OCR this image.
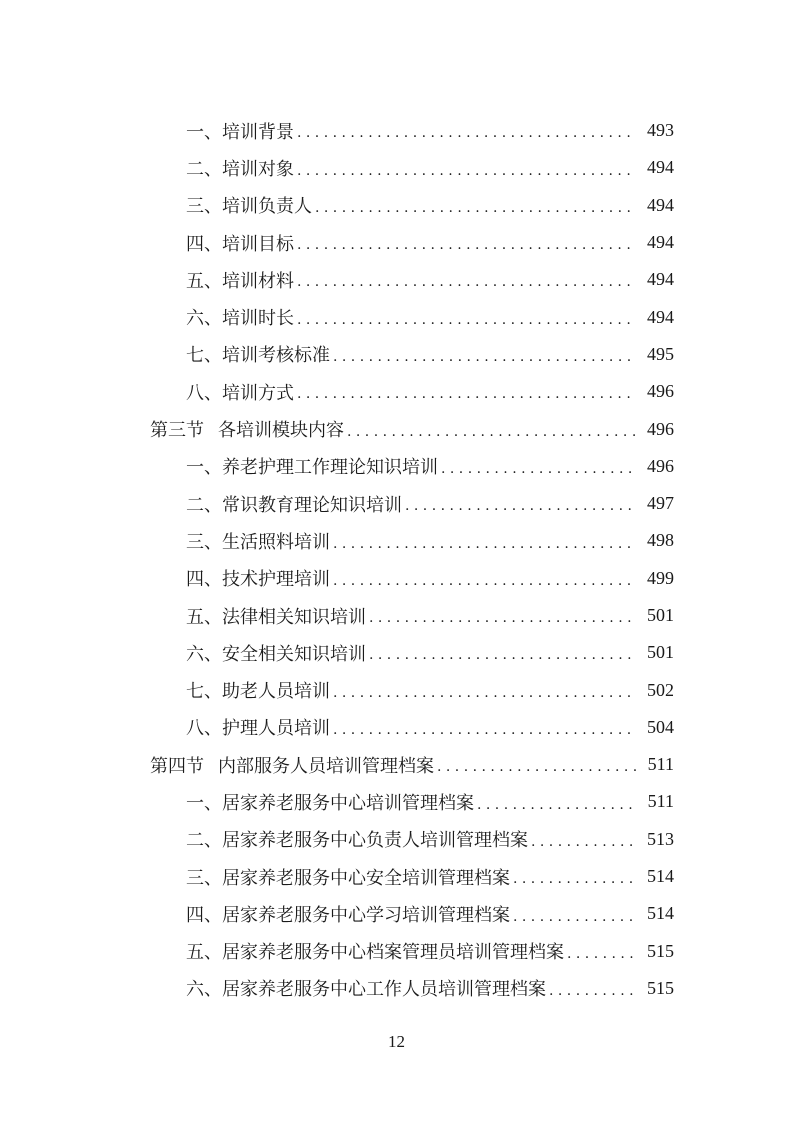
一、培训背景 . . .	493
二、培训对象 . . .	494
三、培训负责人 . . .	494
四、培训目标 . . .	494
五、培训材料 . . .	494
六、培训时长 . . .	494
七、培训考核标准 . . .	495
八、培训方式 . . .	496
第三节 各培训模块内容 . . .	496
一、养老护理工作理论知识培训 . . .	496
二、常识教育理论知识培训 . . .	497
三、生活照料培训 . . .	498
四、技术护理培训 . . .	499
五、法律相关知识培训 . . .	501
六、安全相关知识培训 . . .	501
七、助老人员培训 . . .	502
八、护理人员培训 . . .	504
第四节 内部服务人员培训管理档案 . . .	511
一、居家养老服务中心培训管理档案 . . .	511
二、居家养老服务中心负责人培训管理档案 . . .	513
三、居家养老服务中心安全培训管理档案 . . .	514
四、居家养老服务中心学习培训管理档案 . . .	514
五、居家养老服务中心档案管理员培训管理档案 . . .	515
六、居家养老服务中心工作人员培训管理档案 . . .	515
12
